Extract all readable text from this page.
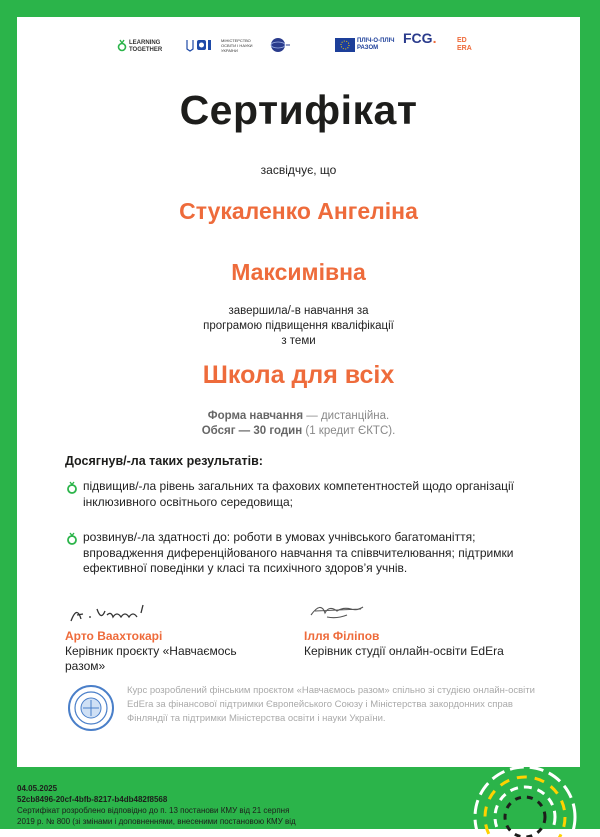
LEARNING
TOGETHER
МІНІСТЕРСТВО
ОСВІТИ І НАУКИ
УКРАЇНИ
ПЛІЧ-О-ПЛІЧ
РАЗОМ
FCG.	ED
ERA
Сертифікат
засвідчує, що
Стукаленко Ангеліна
Максимівна
завершила/-в навчання за
програмою підвищення кваліфікації
з теми
Школа для всіх
Форма навчання — дистанційна.
Обсяг — 30 годин (1 кредит ЄКТС).
Досягнув/-ла таких результатів:
підвищив/-ла рівень загальних та фахових компетентностей щодо організації інклюзивного освітнього середовища;
розвинув/-ла здатності до: роботи в умовах учнівського багатоманіття; впровадження диференційованого навчання та співвчителювання; підтримки ефективної поведінки у класі та психічного здоров’я учнів.
Арто Ваахтокарі
Керівник проєкту «Навчаємось разом»
Ілля Філіпов
Керівник студії онлайн-освіти EdEra
Курс розроблений фінським проєктом «Навчаємось разом» спільно зі студією онлайн-освіти EdEra за фінансової підтримки Європейського Союзу і Міністерства закордонних справ Фінляндії та підтримки Міністерства освіти і науки України.
04.05.2025
52cb8496-20cf-4bfb-8217-b4db482f8568
Сертифікат розроблено відповідно до п. 13 постанови КМУ від 21 серпня
2019 р. № 800 (зі змінами і доповненнями, внесеними постановою КМУ від
